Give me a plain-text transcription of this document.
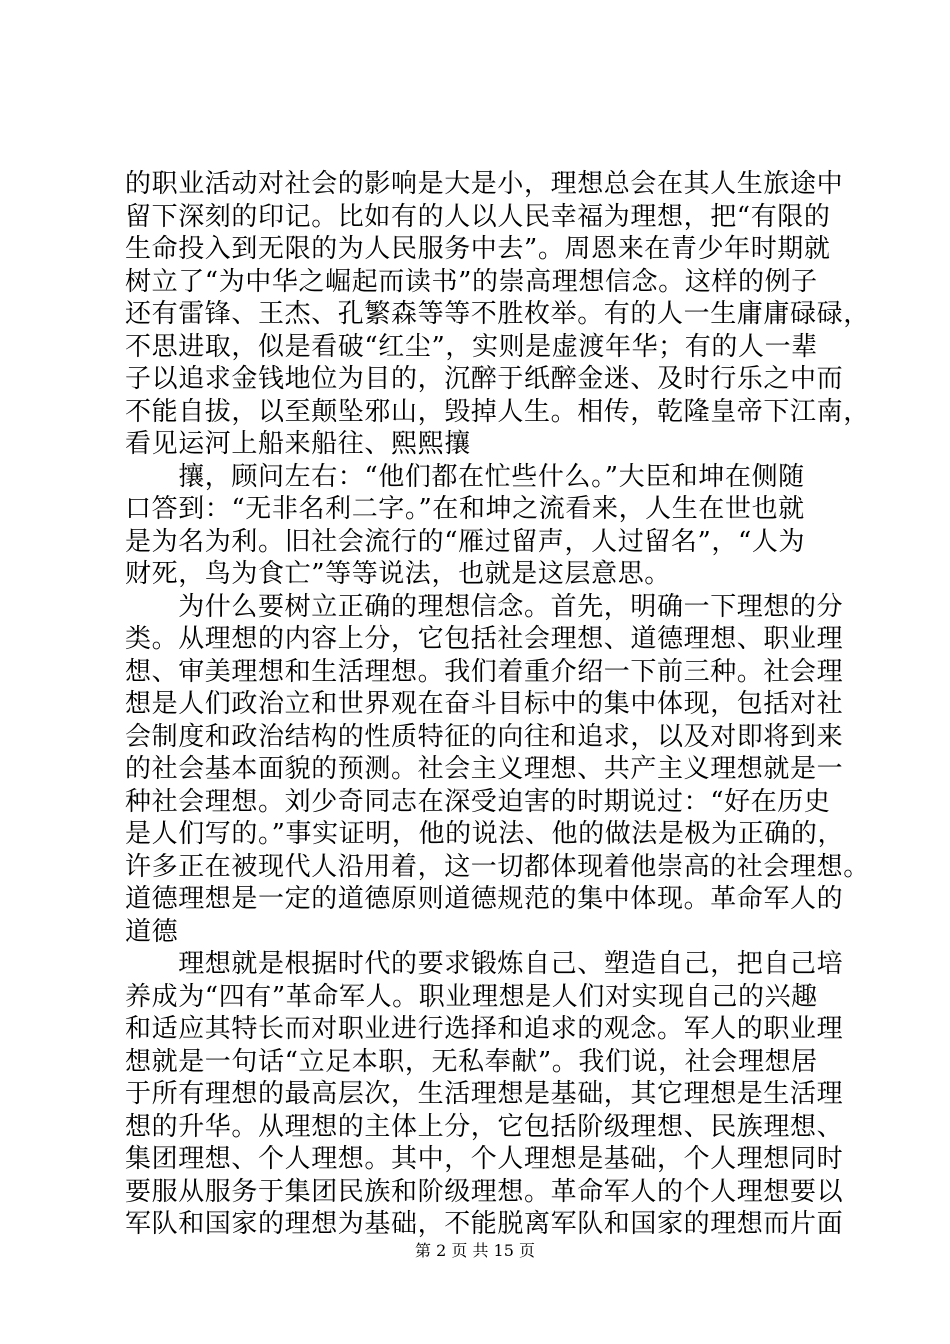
的职业活动对社会的影响是大是小，理想总会在其人生旅途中
留下深刻的印记。比如有的人以人民幸福为理想，把“有限的
生命投入到无限的为人民服务中去”。周恩来在青少年时期就
树立了“为中华之崛起而读书”的崇高理想信念。这样的例子
还有雷锋、王杰、孔繁森等等不胜枚举。有的人一生庸庸碌碌，
不思进取，似是看破“红尘”，实则是虚渡年华；有的人一辈
子以追求金钱地位为目的，沉醉于纸醉金迷、及时行乐之中而
不能自拔，以至颠坠邪山，毁掉人生。相传，乾隆皇帝下江南，
看见运河上船来船往、熙熙攘
　　攘，顾问左右：“他们都在忙些什么。”大臣和坤在侧随
口答到：“无非名利二字。”在和坤之流看来，人生在世也就
是为名为利。旧社会流行的“雁过留声，人过留名”，“人为
财死，鸟为食亡”等等说法，也就是这层意思。
　　为什么要树立正确的理想信念。首先，明确一下理想的分
类。从理想的内容上分，它包括社会理想、道德理想、职业理
想、审美理想和生活理想。我们着重介绍一下前三种。社会理
想是人们政治立和世界观在奋斗目标中的集中体现，包括对社
会制度和政治结构的性质特征的向往和追求，以及对即将到来
的社会基本面貌的预测。社会主义理想、共产主义理想就是一
种社会理想。刘少奇同志在深受迫害的时期说过：“好在历史
是人们写的。”事实证明，他的说法、他的做法是极为正确的，
许多正在被现代人沿用着，这一切都体现着他崇高的社会理想。
道德理想是一定的道德原则道德规范的集中体现。革命军人的
道德
　　理想就是根据时代的要求锻炼自己、塑造自己，把自己培
养成为“四有”革命军人。职业理想是人们对实现自己的兴趣
和适应其特长而对职业进行选择和追求的观念。军人的职业理
想就是一句话“立足本职，无私奉献”。我们说，社会理想居
于所有理想的最高层次，生活理想是基础，其它理想是生活理
想的升华。从理想的主体上分，它包括阶级理想、民族理想、
集团理想、个人理想。其中，个人理想是基础，个人理想同时
要服从服务于集团民族和阶级理想。革命军人的个人理想要以
军队和国家的理想为基础，不能脱离军队和国家的理想而片面
第 2 页 共 15 页
